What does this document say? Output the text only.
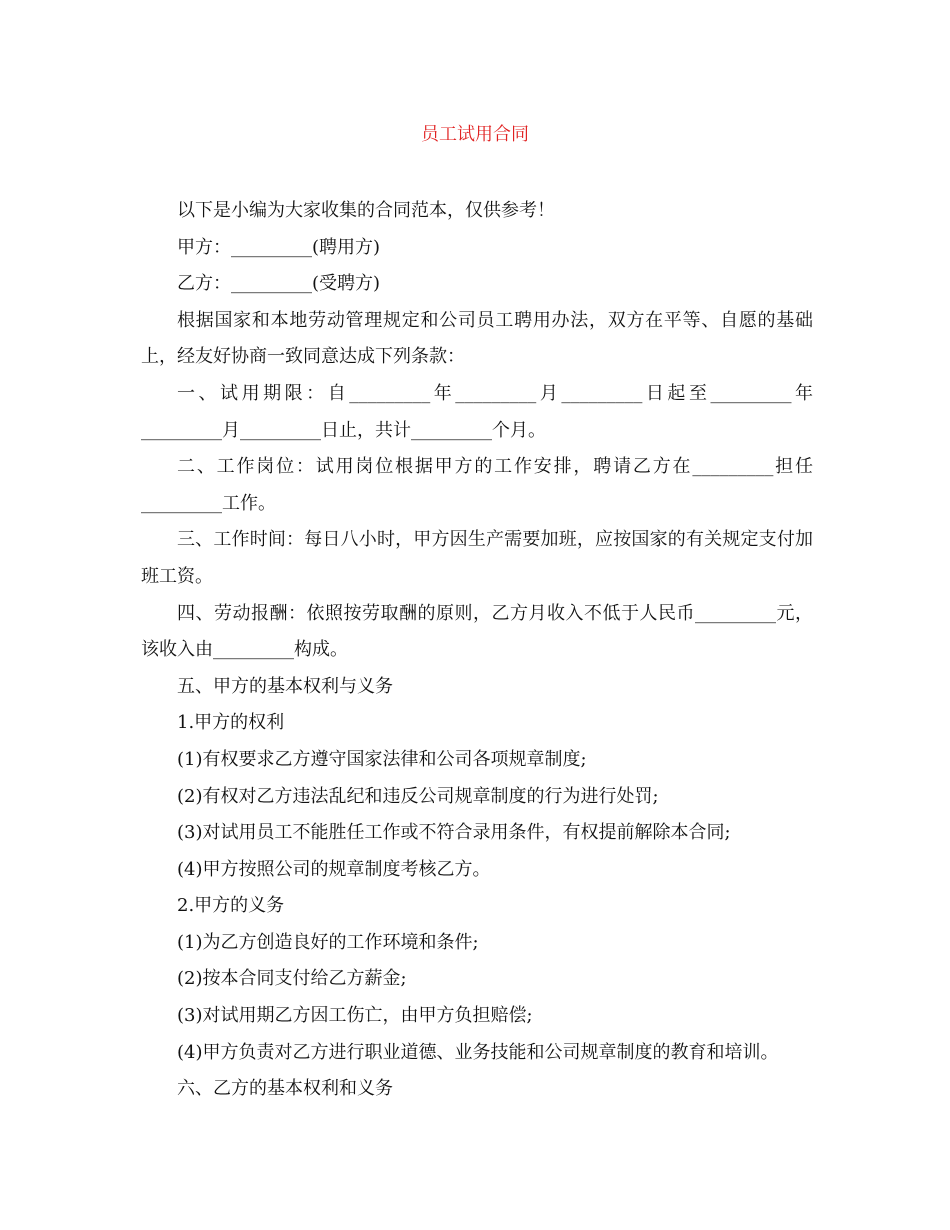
员工试用合同

以下是小编为大家收集的合同范本，仅供参考！

甲方：_________(聘用方)

乙方：_________(受聘方)

根据国家和本地劳动管理规定和公司员工聘用办法，双方在平等、自愿的基础上，经友好协商一致同意达成下列条款：

一、试用期限：自_________年_________月_________日起至_________年_________月_________日止，共计_________个月。

二、工作岗位：试用岗位根据甲方的工作安排，聘请乙方在_________担任_________工作。

三、工作时间：每日八小时，甲方因生产需要加班，应按国家的有关规定支付加班工资。

四、劳动报酬：依照按劳取酬的原则，乙方月收入不低于人民币_________元，该收入由_________构成。

五、甲方的基本权利与义务

1.甲方的权利

(1)有权要求乙方遵守国家法律和公司各项规章制度;

(2)有权对乙方违法乱纪和违反公司规章制度的行为进行处罚;

(3)对试用员工不能胜任工作或不符合录用条件，有权提前解除本合同;

(4)甲方按照公司的规章制度考核乙方。

2.甲方的义务

(1)为乙方创造良好的工作环境和条件;

(2)按本合同支付给乙方薪金;

(3)对试用期乙方因工伤亡，由甲方负担赔偿;

(4)甲方负责对乙方进行职业道德、业务技能和公司规章制度的教育和培训。

六、乙方的基本权利和义务
